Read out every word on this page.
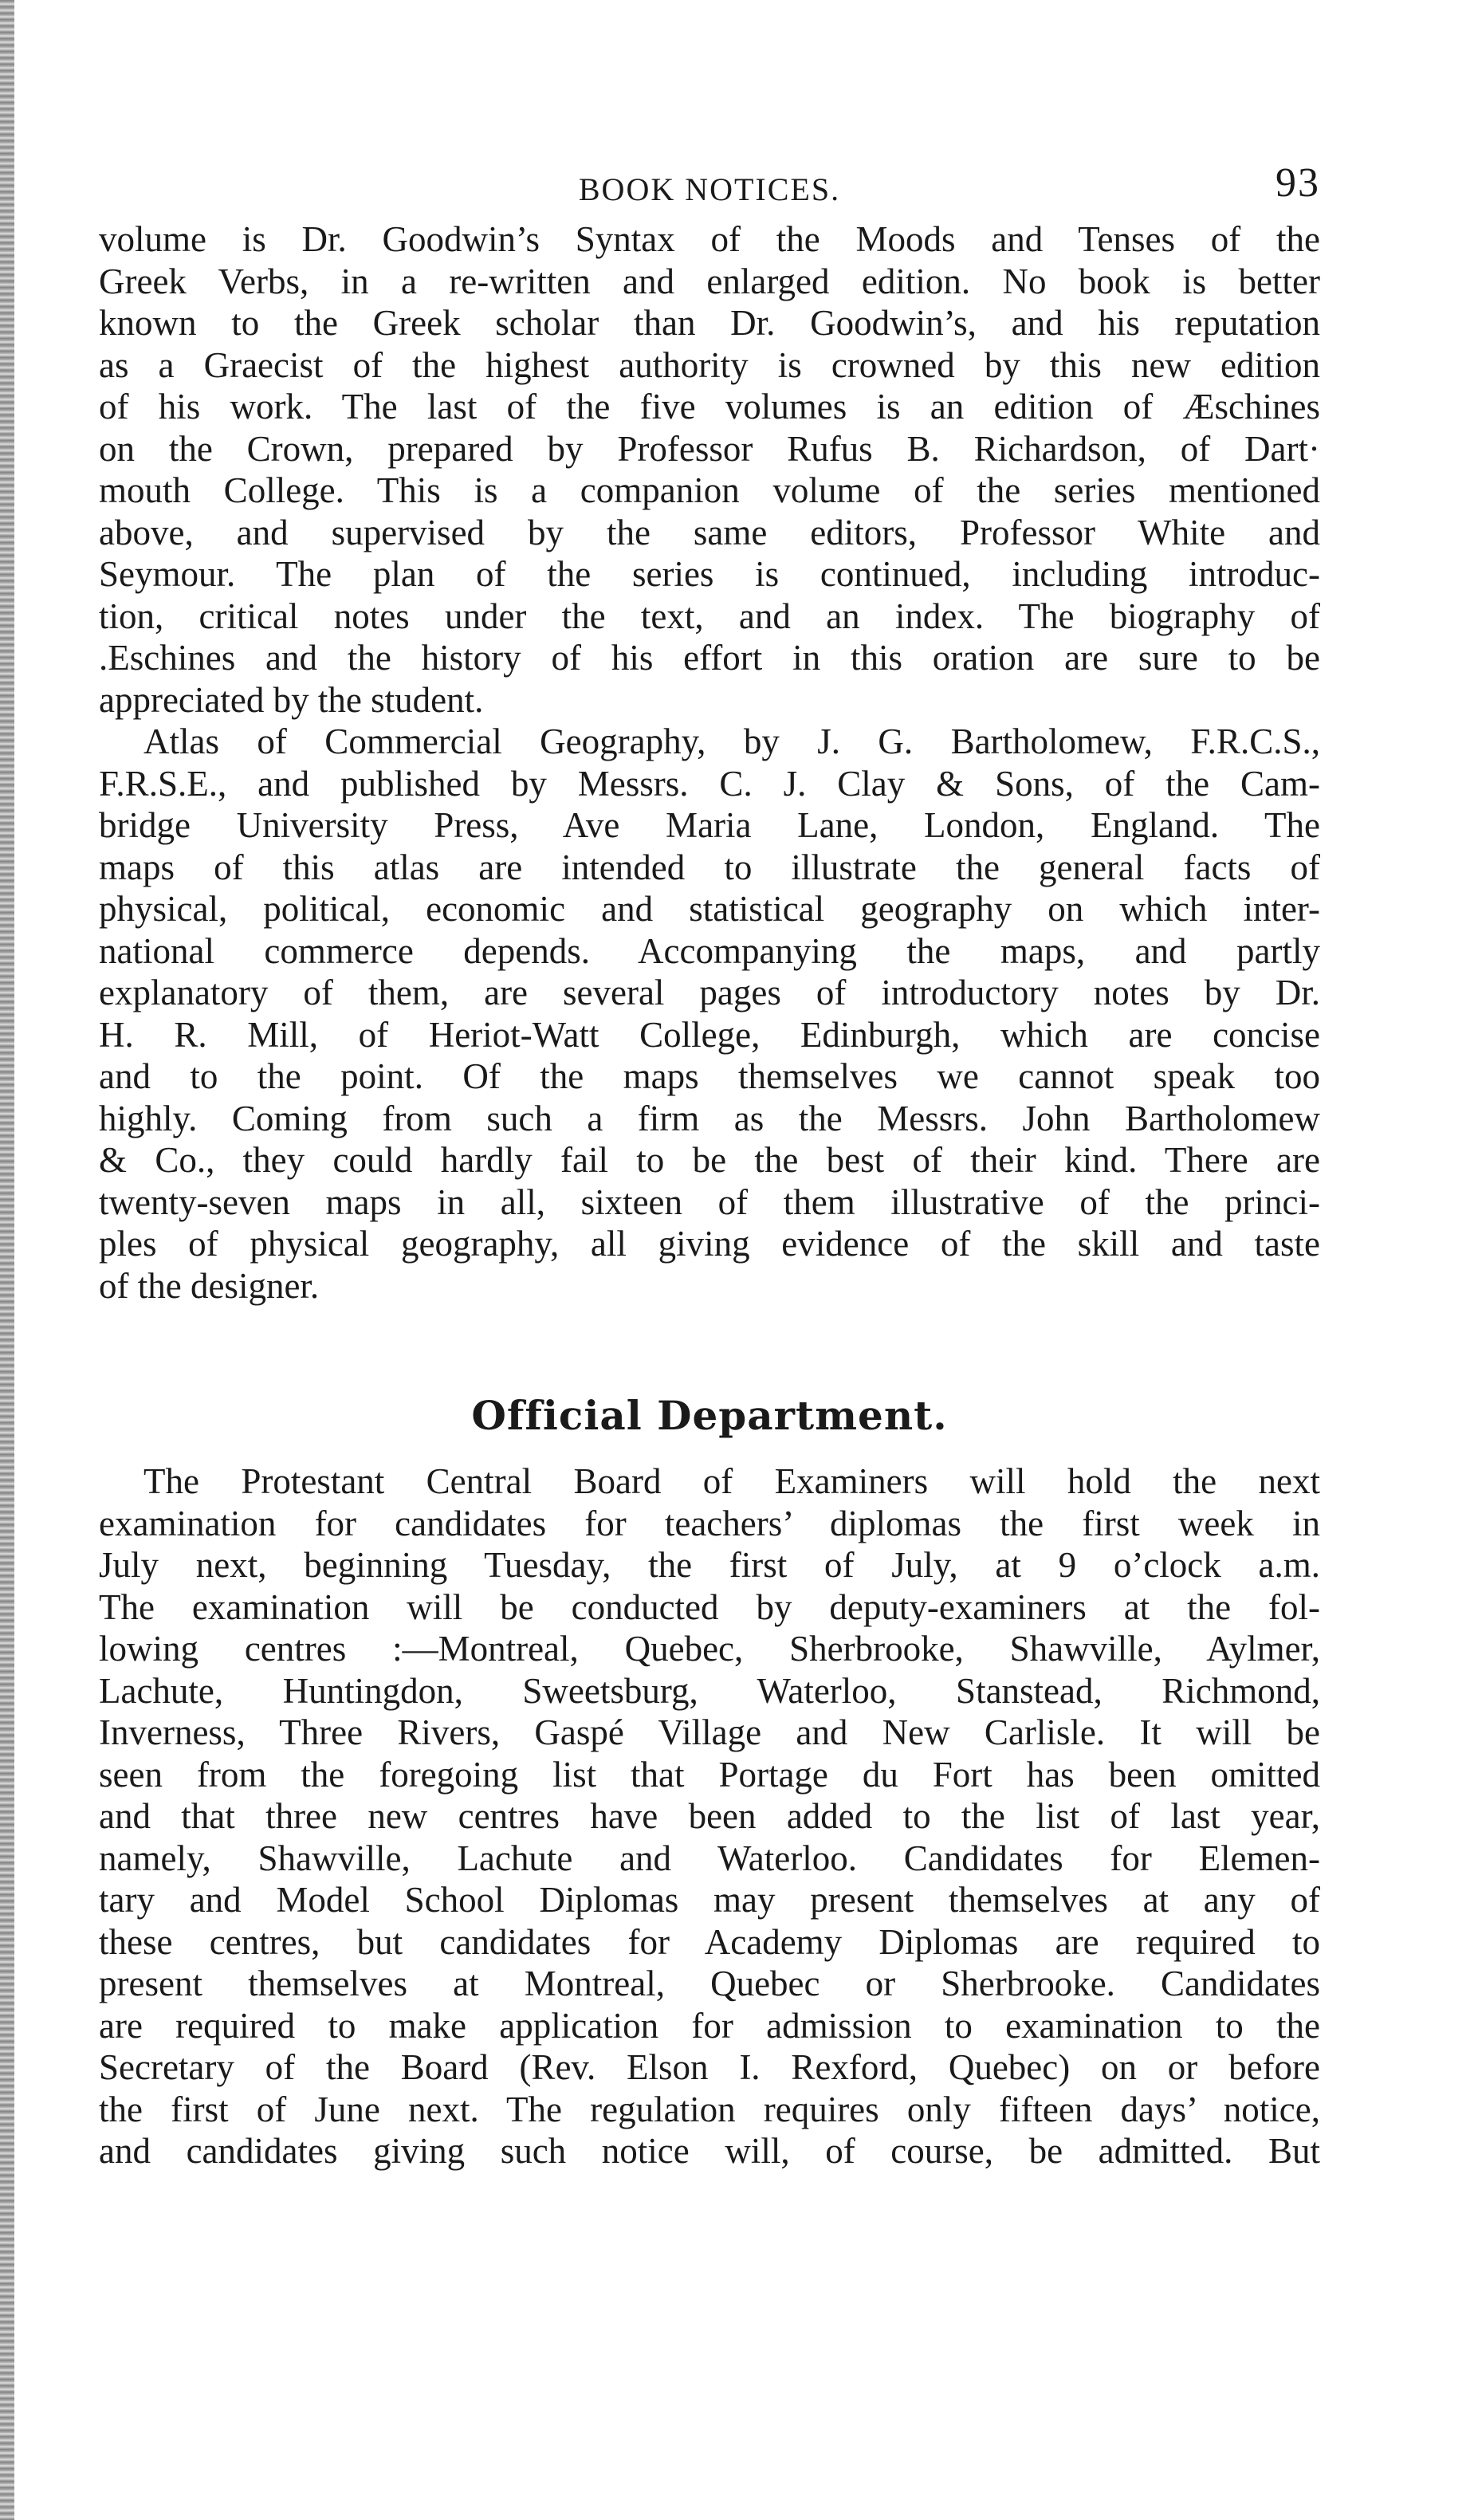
BOOK NOTICES.	93
volume is Dr. Goodwin’s Syntax of the Moods and Tenses of the
Greek Verbs, in a re-written and enlarged edition. No book is better
known to the Greek scholar than Dr. Goodwin’s, and his reputation
as a Graecist of the highest authority is crowned by this new edition
of his work. The last of the five volumes is an edition of Æschines
on the Crown, prepared by Professor Rufus B. Richardson, of Dart·
mouth College. This is a companion volume of the series mentioned
above, and supervised by the same editors, Professor White and
Seymour. The plan of the series is continued, including introduc-
tion, critical notes under the text, and an index. The biography of
.Eschines and the history of his effort in this oration are sure to be
appreciated by the student.
Atlas of Commercial Geography, by J. G. Bartholomew, F.R.C.S.,
F.R.S.E., and published by Messrs. C. J. Clay & Sons, of the Cam-
bridge University Press, Ave Maria Lane, London, England. The
maps of this atlas are intended to illustrate the general facts of
physical, political, economic and statistical geography on which inter-
national commerce depends. Accompanying the maps, and partly
explanatory of them, are several pages of introductory notes by Dr.
H. R. Mill, of Heriot-Watt College, Edinburgh, which are concise
and to the point. Of the maps themselves we cannot speak too
highly. Coming from such a firm as the Messrs. John Bartholomew
& Co., they could hardly fail to be the best of their kind. There are
twenty-seven maps in all, sixteen of them illustrative of the princi-
ples of physical geography, all giving evidence of the skill and taste
of the designer.
Official Department.
The Protestant Central Board of Examiners will hold the next
examination for candidates for teachers’ diplomas the first week in
July next, beginning Tuesday, the first of July, at 9 o’clock a.m.
The examination will be conducted by deputy-examiners at the fol-
lowing centres :—Montreal, Quebec, Sherbrooke, Shawville, Aylmer,
Lachute, Huntingdon, Sweetsburg, Waterloo, Stanstead, Richmond,
Inverness, Three Rivers, Gaspé Village and New Carlisle. It will be
seen from the foregoing list that Portage du Fort has been omitted
and that three new centres have been added to the list of last year,
namely, Shawville, Lachute and Waterloo. Candidates for Elemen-
tary and Model School Diplomas may present themselves at any of
these centres, but candidates for Academy Diplomas are required to
present themselves at Montreal, Quebec or Sherbrooke. Candidates
are required to make application for admission to examination to the
Secretary of the Board (Rev. Elson I. Rexford, Quebec) on or before
the first of June next. The regulation requires only fifteen days’ notice,
and candidates giving such notice will, of course, be admitted. But
